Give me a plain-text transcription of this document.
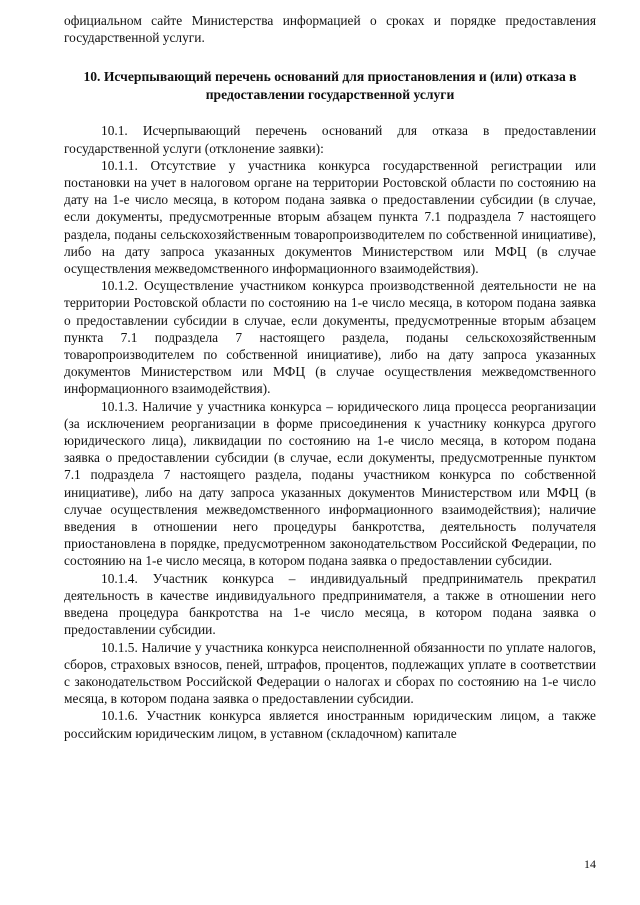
официальном сайте Министерства информацией о сроках и порядке предоставления государственной услуги.

10. Исчерпывающий перечень оснований для приостановления и (или) отказа в предоставлении государственной услуги

10.1. Исчерпывающий перечень оснований для отказа в предоставлении государственной услуги (отклонение заявки):

10.1.1. Отсутствие у участника конкурса государственной регистрации или постановки на учет в налоговом органе на территории Ростовской области по состоянию на дату на 1-е число месяца, в котором подана заявка о предоставлении субсидии (в случае, если документы, предусмотренные вторым абзацем пункта 7.1 подраздела 7 настоящего раздела, поданы сельскохозяйственным товаропроизводителем по собственной инициативе), либо на дату запроса указанных документов Министерством или МФЦ (в случае осуществления межведомственного информационного взаимодействия).

10.1.2. Осуществление участником конкурса производственной деятельности не на территории Ростовской области по состоянию на 1-е число месяца, в котором подана заявка о предоставлении субсидии в случае, если документы, предусмотренные вторым абзацем пункта 7.1 подраздела 7 настоящего раздела, поданы сельскохозяйственным товаропроизводителем по собственной инициативе), либо на дату запроса указанных документов Министерством или МФЦ (в случае осуществления межведомственного информационного взаимодействия).

10.1.3. Наличие у участника конкурса – юридического лица процесса реорганизации (за исключением реорганизации в форме присоединения к участнику конкурса другого юридического лица), ликвидации по состоянию на 1-е число месяца, в котором подана заявка о предоставлении субсидии (в случае, если документы, предусмотренные пунктом 7.1 подраздела 7 настоящего раздела, поданы участником конкурса по собственной инициативе), либо на дату запроса указанных документов Министерством или МФЦ (в случае осуществления межведомственного информационного взаимодействия); наличие введения в отношении него процедуры банкротства, деятельность получателя приостановлена в порядке, предусмотренном законодательством Российской Федерации, по состоянию на 1-е число месяца, в котором подана заявка о предоставлении субсидии.

10.1.4. Участник конкурса – индивидуальный предприниматель прекратил деятельность в качестве индивидуального предпринимателя, а также в отношении него введена процедура банкротства на 1-е число месяца, в котором подана заявка о предоставлении субсидии.

10.1.5. Наличие у участника конкурса неисполненной обязанности по уплате налогов, сборов, страховых взносов, пеней, штрафов, процентов, подлежащих уплате в соответствии с законодательством Российской Федерации о налогах и сборах по состоянию на 1-е число месяца, в котором подана заявка о предоставлении субсидии.

10.1.6. Участник конкурса является иностранным юридическим лицом, а также российским юридическим лицом, в уставном (складочном) капитале

14
